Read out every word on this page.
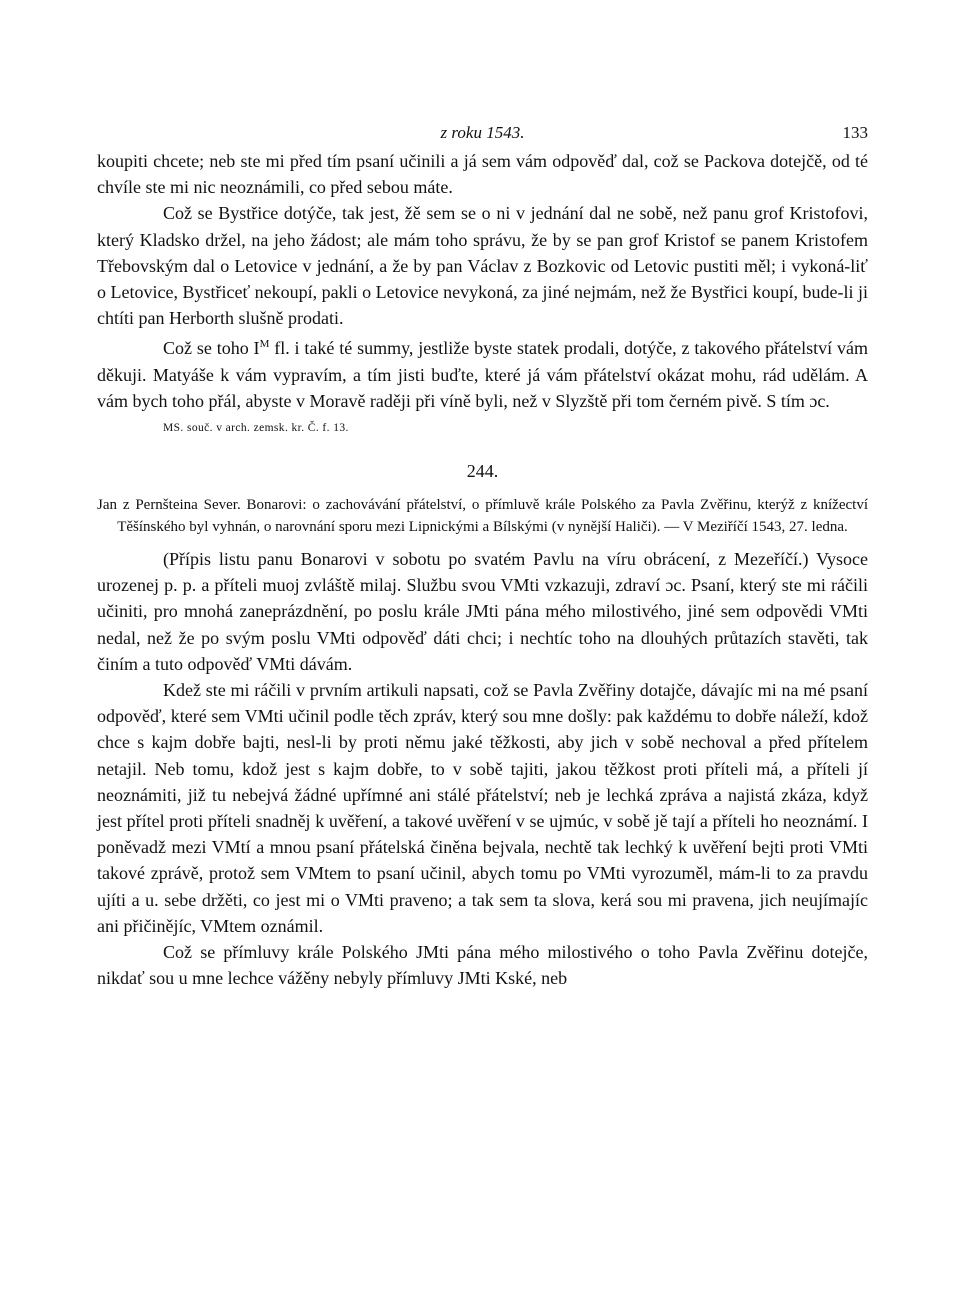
z roku 1543.	133

koupiti chcete; neb ste mi před tím psaní učinili a já sem vám odpověď dal, což se Packova dotejčě, od té chvíle ste mi nic neoznámili, co před sebou máte.

Což se Bystřice dotýče, tak jest, žě sem se o ni v jednání dal ne sobě, než panu grof Kristofovi, který Kladsko držel, na jeho žádost; ale mám toho správu, že by se pan grof Kristof se panem Kristofem Třebovským dal o Letovice v jednání, a že by pan Václav z Bozkovic od Letovic pustiti měl; i vykoná-liť o Letovice, Bystřiceť nekoupí, pakli o Letovice nevykoná, za jiné nejmám, než že Bystřici koupí, bude-li ji chtíti pan Herborth slušně prodati.

Což se toho $I^M$ fl. i také té summy, jestliže byste statek prodali, dotýče, z takového přátelství vám děkuji. Matyáše k vám vypravím, a tím jisti buďte, které já vám přátelství okázat mohu, rád udělám. A vám bych toho přál, abyste v Moravě raději při víně byli, než v Slyzště při tom černém pivě. S tím ɔc.

MS. souč. v arch. zemsk. kr. Č. f. 13.
244.

Jan z Pernšteina Sever. Bonarovi: o zachovávání přátelství, o přímluvě krále Polského za Pavla Zvěřinu, kterýž z knížectví Těšínského byl vyhnán, o narovnání sporu mezi Lipnickými a Bílskými (v nynější Haliči). — V Meziříčí 1543, 27. ledna.

(Přípis listu panu Bonarovi v sobotu po svatém Pavlu na víru obrácení, z Mezeříčí.) Vysoce urozenej p. p. a příteli muoj zvláště milaj. Službu svou VMti vzkazuji, zdraví ɔc. Psaní, který ste mi ráčili učiniti, pro mnohá zaneprázdnění, po poslu krále JMti pána mého milostivého, jiné sem odpovědi VMti nedal, než že po svým poslu VMti odpověď dáti chci; i nechtíc toho na dlouhých průtazích stavěti, tak činím a tuto odpověď VMti dávám.

Kdež ste mi ráčili v prvním artikuli napsati, což se Pavla Zvěřiny dotajče, dávajíc mi na mé psaní odpověď, které sem VMti učinil podle těch zpráv, který sou mne došly: pak každému to dobře náleží, kdož chce s kajm dobře bajti, nesl-li by proti němu jaké těžkosti, aby jich v sobě nechoval a před přítelem netajil. Neb tomu, kdož jest s kajm dobře, to v sobě tajiti, jakou těžkost proti příteli má, a příteli jí neoznámiti, již tu nebejvá žádné upřímné ani stálé přátelství; neb je lechká zpráva a najistá zkáza, když jest přítel proti příteli snadněj k uvěření, a takové uvěření v se ujmúc, v sobě jě tají a příteli ho neoznámí. I poněvadž mezi VMtí a mnou psaní přátelská činěna bejvala, nechtě tak lechký k uvěření bejti proti VMti takové zprávě, protož sem VMtem to psaní učinil, abych tomu po VMti vyrozuměl, mám-li to za pravdu ujíti a u. sebe držěti, co jest mi o VMti praveno; a tak sem ta slova, kerá sou mi pravena, jich neujímajíc ani přičinějíc, VMtem oznámil.

Což se přímluvy krále Polského JMti pána mého milostivého o toho Pavla Zvěřinu dotejče, nikdať sou u mne lechce vážěny nebyly přímluvy JMti Kské, neb
